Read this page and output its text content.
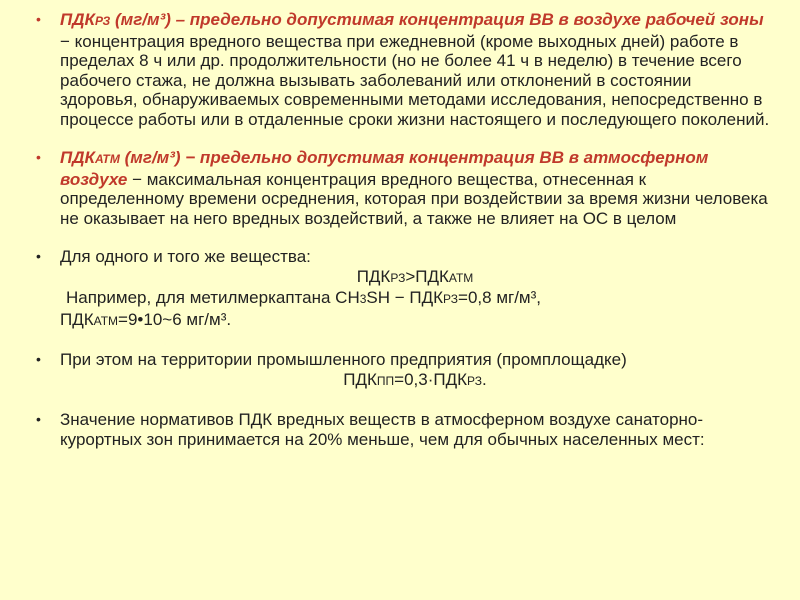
• ПДКРЗ (мг/м³) – предельно допустимая концентрация ВВ в воздухе рабочей зоны − концентрация вредного вещества при ежедневной (кроме выходных дней) работе в пределах 8 ч или др. продолжительности (но не более 41 ч в неделю) в течение всего рабочего стажа, не должна вызывать заболеваний или отклонений в состоянии здоровья, обнаруживаемых современными методами исследования, непосредственно в процессе работы или в отдаленные сроки жизни настоящего и последующего поколений.
• ПДКАТМ (мг/м³) − предельно допустимая концентрация ВВ в атмосферном воздухе − максимальная концентрация вредного вещества, отнесенная к определенному времени осреднения, которая при воздействии за время жизни человека не оказывает на него вредных воздействий, а также не влияет на ОС в целом
• Для одного и того же вещества:
ПДКРЗ>ПДКАТМ
Например, для метилмеркаптана СН3SH − ПДКРЗ=0,8 мг/м³,
ПДКАТМ=9•10~6 мг/м³.
• При этом на территории промышленного предприятия (промплощадке)
ПДКПП=0,3·ПДКРЗ.
• Значение нормативов ПДК вредных веществ в атмосферном воздухе санаторно-курортных зон принимается на 20% меньше, чем для обычных населенных мест:
